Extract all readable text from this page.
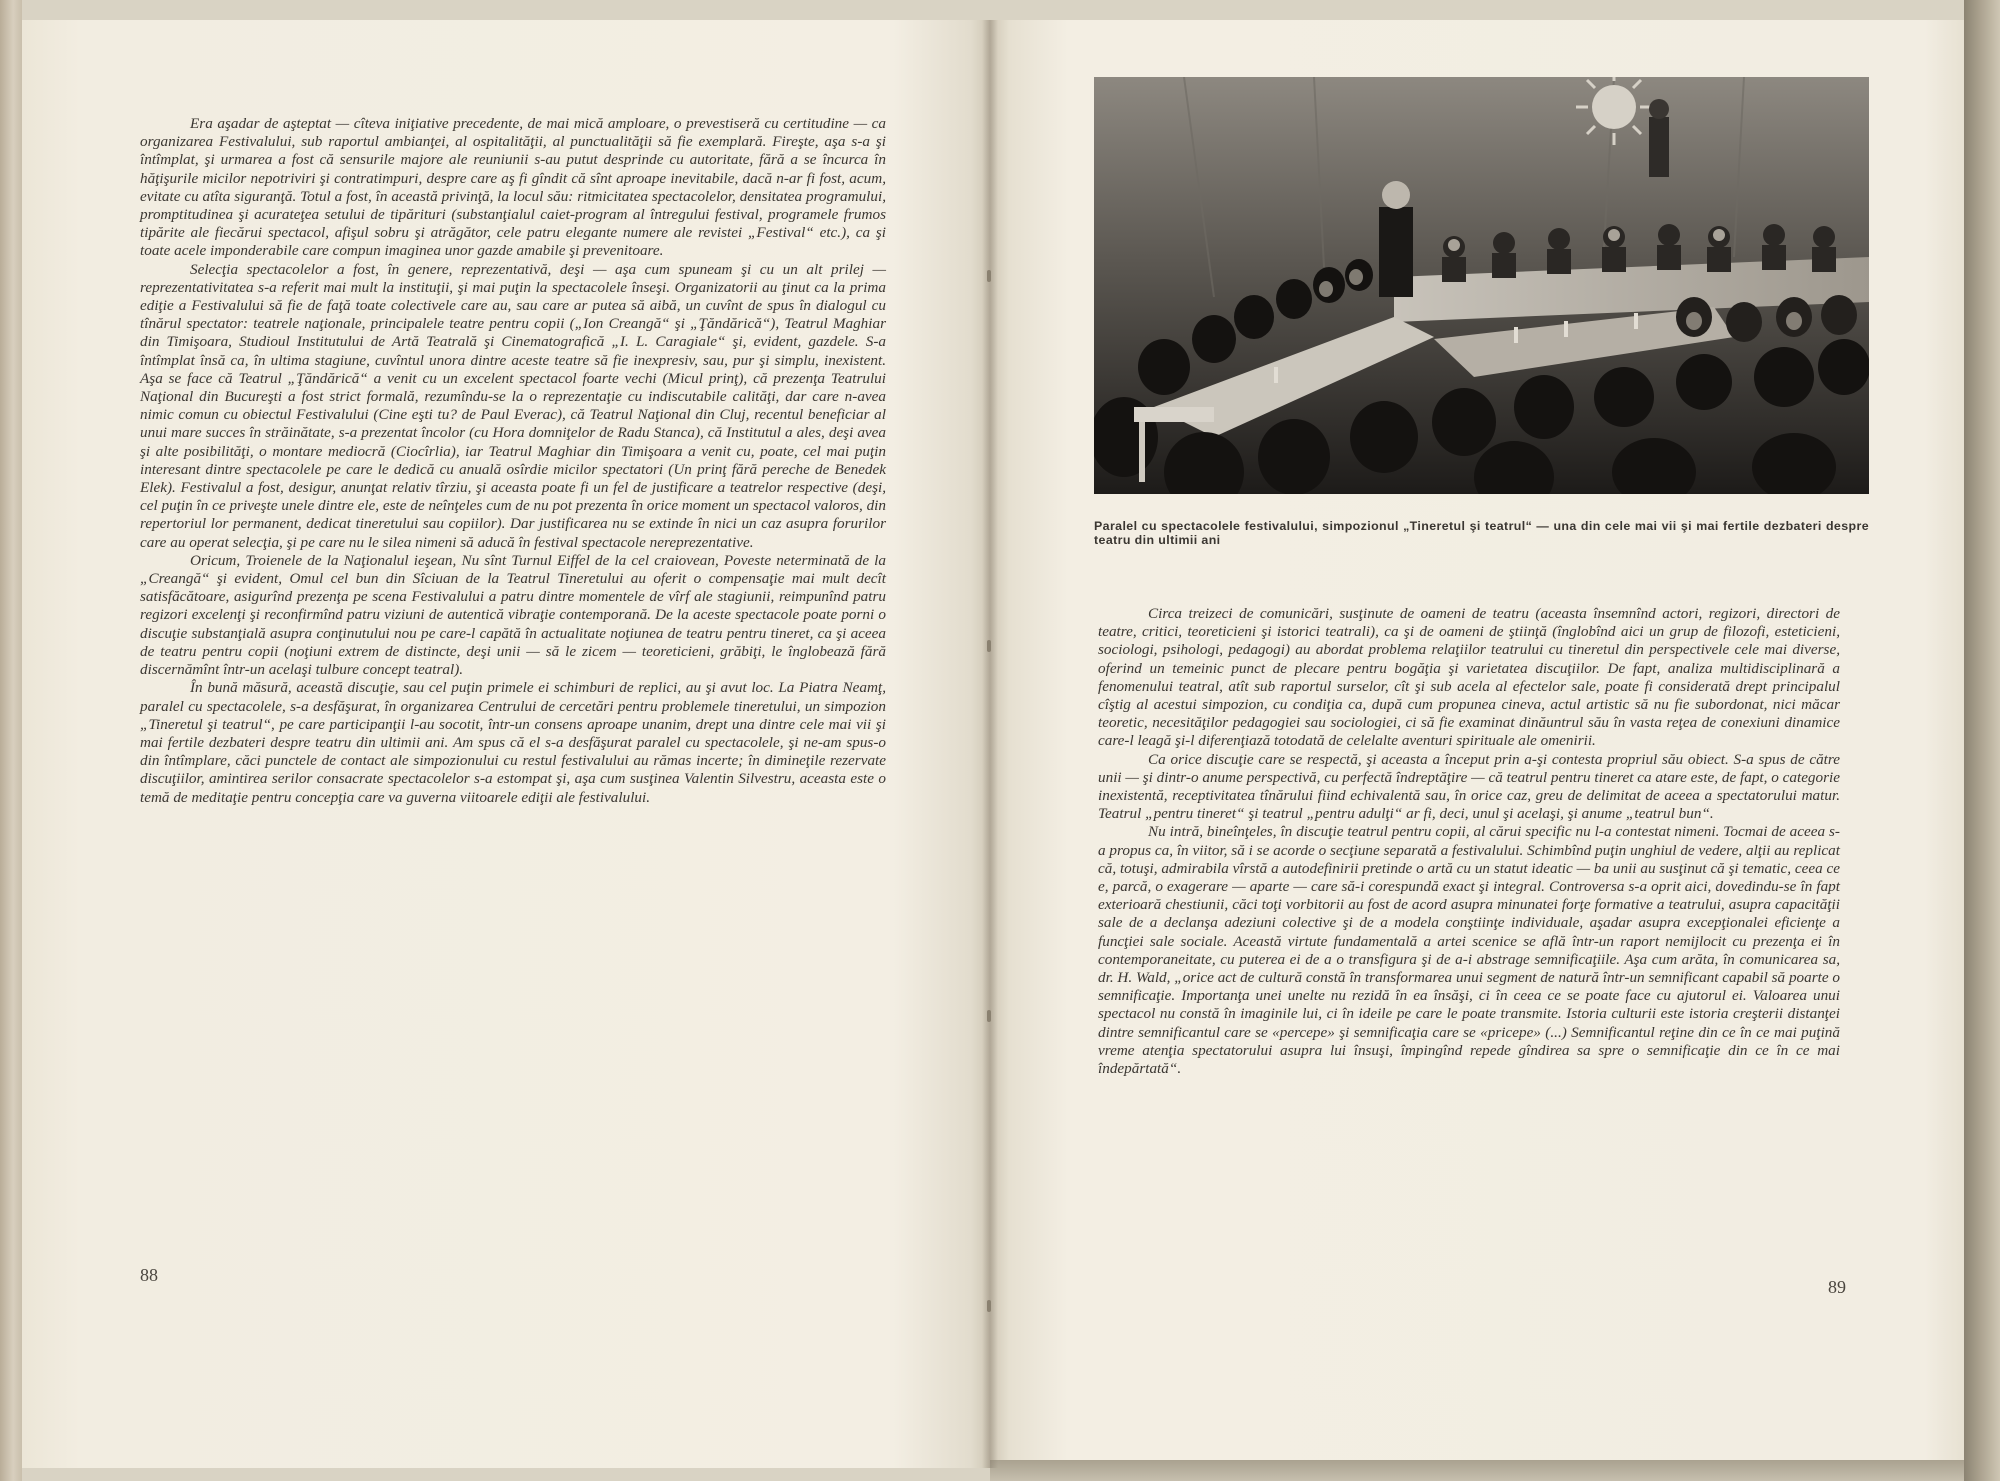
Era aşadar de aşteptat — cîteva iniţiative precedente, de mai mică amploare, o prevestiseră cu certitudine — ca organizarea Festivalului, sub raportul ambianţei, al ospitalităţii, al punctualităţii să fie exemplară. Fireşte, aşa s-a şi întîmplat, şi urmarea a fost că sensurile majore ale reuniunii s-au putut desprinde cu autoritate, fără a se încurca în hăţişurile micilor nepotriviri şi contratimpuri, despre care aş fi gîndit că sînt aproape inevitabile, dacă n-ar fi fost, acum, evitate cu atîta siguranţă. Totul a fost, în această privinţă, la locul său: ritmicitatea spectacolelor, densitatea programului, promptitudinea şi acurateţea setului de tipărituri (substanţialul caiet-program al întregului festival, programele frumos tipărite ale fiecărui spectacol, afişul sobru şi atrăgător, cele patru elegante numere ale revistei „Festival“ etc.), ca şi toate acele imponderabile care compun imaginea unor gazde amabile şi prevenitoare.

Selecţia spectacolelor a fost, în genere, reprezentativă, deşi — aşa cum spuneam şi cu un alt prilej — reprezentativitatea s-a referit mai mult la instituţii, şi mai puţin la spectacolele înseşi. Organizatorii au ţinut ca la prima ediţie a Festivalului să fie de faţă toate colectivele care au, sau care ar putea să aibă, un cuvînt de spus în dialogul cu tînărul spectator: teatrele naţionale, principalele teatre pentru copii („Ion Creangă“ şi „Ţăndărică“), Teatrul Maghiar din Timişoara, Studioul Institutului de Artă Teatrală şi Cinematografică „I. L. Caragiale“ şi, evident, gazdele. S-a întîmplat însă ca, în ultima stagiune, cuvîntul unora dintre aceste teatre să fie inexpresiv, sau, pur şi simplu, inexistent. Aşa se face că Teatrul „Ţăndărică“ a venit cu un excelent spectacol foarte vechi (Micul prinţ), că prezenţa Teatrului Naţional din Bucureşti a fost strict formală, rezumîndu-se la o reprezentaţie cu indiscutabile calităţi, dar care n-avea nimic comun cu obiectul Festivalului (Cine eşti tu? de Paul Everac), că Teatrul Naţional din Cluj, recentul beneficiar al unui mare succes în străinătate, s-a prezentat încolor (cu Hora domniţelor de Radu Stanca), că Institutul a ales, deşi avea şi alte posibilităţi, o montare mediocră (Ciocîrlia), iar Teatrul Maghiar din Timişoara a venit cu, poate, cel mai puţin interesant dintre spectacolele pe care le dedică cu anuală osîrdie micilor spectatori (Un prinţ fără pereche de Benedek Elek). Festivalul a fost, desigur, anunţat relativ tîrziu, şi aceasta poate fi un fel de justificare a teatrelor respective (deşi, cel puţin în ce priveşte unele dintre ele, este de neînţeles cum de nu pot prezenta în orice moment un spectacol valoros, din repertoriul lor permanent, dedicat tineretului sau copiilor). Dar justificarea nu se extinde în nici un caz asupra forurilor care au operat selecţia, şi pe care nu le silea nimeni să aducă în festival spectacole nereprezentative.

Oricum, Troienele de la Naţionalul ieşean, Nu sînt Turnul Eiffel de la cel craiovean, Poveste neterminată de la „Creangă“ şi evident, Omul cel bun din Sîciuan de la Teatrul Tineretului au oferit o compensaţie mai mult decît satisfăcătoare, asigurînd prezenţa pe scena Festivalului a patru dintre momentele de vîrf ale stagiunii, reimpunînd patru regizori excelenţi şi reconfirmînd patru viziuni de autentică vibraţie contemporană. De la aceste spectacole poate porni o discuţie substanţială asupra conţinutului nou pe care-l capătă în actualitate noţiunea de teatru pentru tineret, ca şi aceea de teatru pentru copii (noţiuni extrem de distincte, deşi unii — să le zicem — teoreticieni, grăbiţi, le înglobează fără discernămînt într-un acelaşi tulbure concept teatral).

În bună măsură, această discuţie, sau cel puţin primele ei schimburi de replici, au şi avut loc. La Piatra Neamţ, paralel cu spectacolele, s-a desfăşurat, în organizarea Centrului de cercetări pentru problemele tineretului, un simpozion „Tineretul şi teatrul“, pe care participanţii l-au socotit, într-un consens aproape unanim, drept una dintre cele mai vii şi mai fertile dezbateri despre teatru din ultimii ani. Am spus că el s-a desfăşurat paralel cu spectacolele, şi ne-am spus-o din întîmplare, căci punctele de contact ale simpozionului cu restul festivalului au rămas incerte; în dimineţile rezervate discuţiilor, amintirea serilor consacrate spectacolelor s-a estompat şi, aşa cum susţinea Valentin Silvestru, aceasta este o temă de meditaţie pentru concepţia care va guverna viitoarele ediţii ale festivalului.

88
Paralel cu spectacolele festivalului, simpozionul „Tineretul şi teatrul“ — una din cele mai vii şi mai fertile dezbateri despre teatru din ultimii ani

Circa treizeci de comunicări, susţinute de oameni de teatru (aceasta însemnînd actori, regizori, directori de teatre, critici, teoreticieni şi istorici teatrali), ca şi de oameni de ştiinţă (înglobînd aici un grup de filozofi, esteticieni, sociologi, psihologi, pedagogi) au abordat problema relaţiilor teatrului cu tineretul din perspectivele cele mai diverse, oferind un temeinic punct de plecare pentru bogăţia şi varietatea discuţiilor. De fapt, analiza multidisciplinară a fenomenului teatral, atît sub raportul surselor, cît şi sub acela al efectelor sale, poate fi considerată drept principalul cîştig al acestui simpozion, cu condiţia ca, după cum propunea cineva, actul artistic să nu fie subordonat, nici măcar teoretic, necesităţilor pedagogiei sau sociologiei, ci să fie examinat dinăuntrul său în vasta reţea de conexiuni dinamice care-l leagă şi-l diferenţiază totodată de celelalte aventuri spirituale ale omenirii.

Ca orice discuţie care se respectă, şi aceasta a început prin a-şi contesta propriul său obiect. S-a spus de către unii — şi dintr-o anume perspectivă, cu perfectă îndreptăţire — că teatrul pentru tineret ca atare este, de fapt, o categorie inexistentă, receptivitatea tînărului fiind echivalentă sau, în orice caz, greu de delimitat de aceea a spectatorului matur. Teatrul „pentru tineret“ şi teatrul „pentru adulţi“ ar fi, deci, unul şi acelaşi, şi anume „teatrul bun“.

Nu intră, bineînţeles, în discuţie teatrul pentru copii, al cărui specific nu l-a contestat nimeni. Tocmai de aceea s-a propus ca, în viitor, să i se acorde o secţiune separată a festivalului. Schimbînd puţin unghiul de vedere, alţii au replicat că, totuşi, admirabila vîrstă a autodefinirii pretinde o artă cu un statut ideatic — ba unii au susţinut că şi tematic, ceea ce e, parcă, o exagerare — aparte — care să-i corespundă exact şi integral. Controversa s-a oprit aici, dovedindu-se în fapt exterioară chestiunii, căci toţi vorbitorii au fost de acord asupra minunatei forţe formative a teatrului, asupra capacităţii sale de a declanşa adeziuni colective şi de a modela conştiinţe individuale, aşadar asupra excepţionalei eficienţe a funcţiei sale sociale. Această virtute fundamentală a artei scenice se află într-un raport nemijlocit cu prezenţa ei în contemporaneitate, cu puterea ei de a o transfigura şi de a-i abstrage semnificaţiile. Aşa cum arăta, în comunicarea sa, dr. H. Wald, „orice act de cultură constă în transformarea unui segment de natură într-un semnificant capabil să poarte o semnificaţie. Importanţa unei unelte nu rezidă în ea însăşi, ci în ceea ce se poate face cu ajutorul ei. Valoarea unui spectacol nu constă în imaginile lui, ci în ideile pe care le poate transmite. Istoria culturii este istoria creşterii distanţei dintre semnificantul care se «percepe» şi semnificaţia care se «pricepe» (...) Semnificantul reţine din ce în ce mai puţină vreme atenţia spectatorului asupra lui însuşi, împingînd repede gîndirea sa spre o semnificaţie din ce în ce mai îndepărtată“.

89
